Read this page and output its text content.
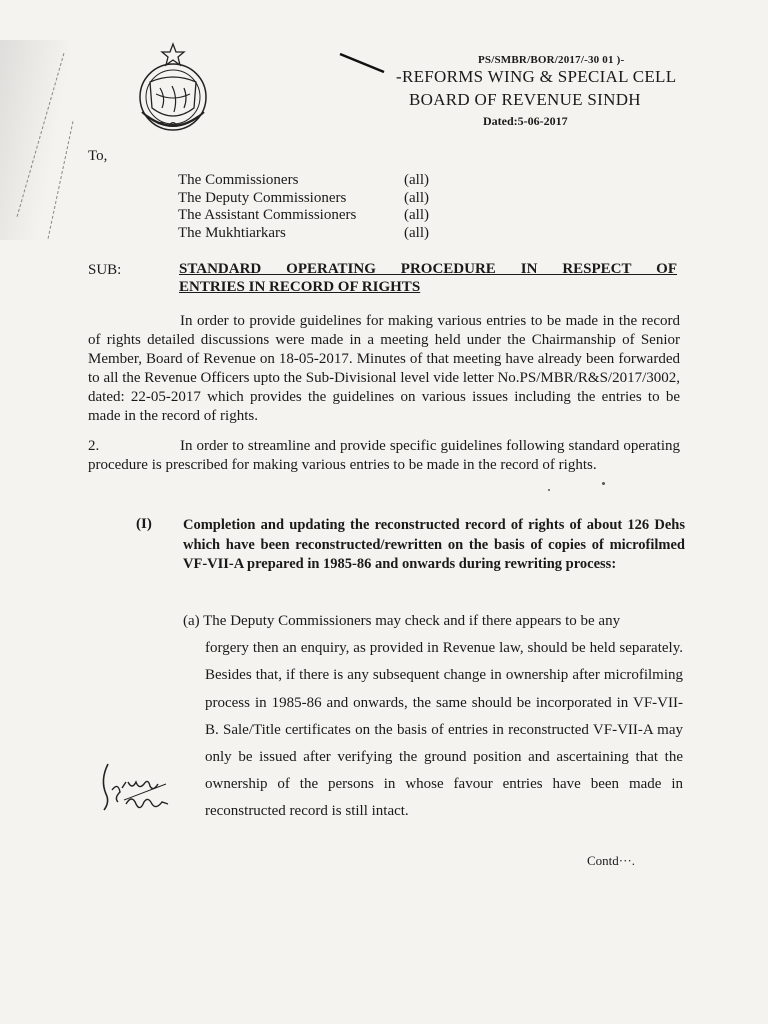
PS/SMBR/BOR/2017/-30 01 )-
-REFORMS WING & SPECIAL CELL
BOARD OF REVENUE SINDH
Dated:5-06-2017
To,
The Commissioners	(all)
The Deputy Commissioners	(all)
The Assistant Commissioners	(all)
The Mukhtiarkars	(all)
SUB:	STANDARD OPERATING PROCEDURE IN RESPECT OF
ENTRIES IN RECORD OF RIGHTS
In order to provide guidelines for making various entries to be made in the record of rights detailed discussions were made in a meeting held under the Chairmanship of Senior Member, Board of Revenue on 18-05-2017. Minutes of that meeting have already been forwarded to all the Revenue Officers upto the Sub-Divisional level vide letter No.PS/MBR/R&S/2017/3002, dated: 22-05-2017 which provides the guidelines on various issues including the entries to be made in the record of rights.
2.	In order to streamline and provide specific guidelines following standard operating procedure is prescribed for making various entries to be made in the record of rights.
(I) Completion and updating the reconstructed record of rights of about 126 Dehs which have been reconstructed/rewritten on the basis of copies of microfilmed VF-VII-A prepared in 1985-86 and onwards during rewriting process:
(a) The Deputy Commissioners may check and if there appears to be any
forgery then an enquiry, as provided in Revenue law, should be held separately. Besides that, if there is any subsequent change in ownership after microfilming process in 1985-86 and onwards, the same should be incorporated in VF-VII-B. Sale/Title certificates on the basis of entries in reconstructed VF-VII-A may only be issued after verifying the ground position and ascertaining that the ownership of the persons in whose favour entries have been made in reconstructed record is still intact.
Contd···.
